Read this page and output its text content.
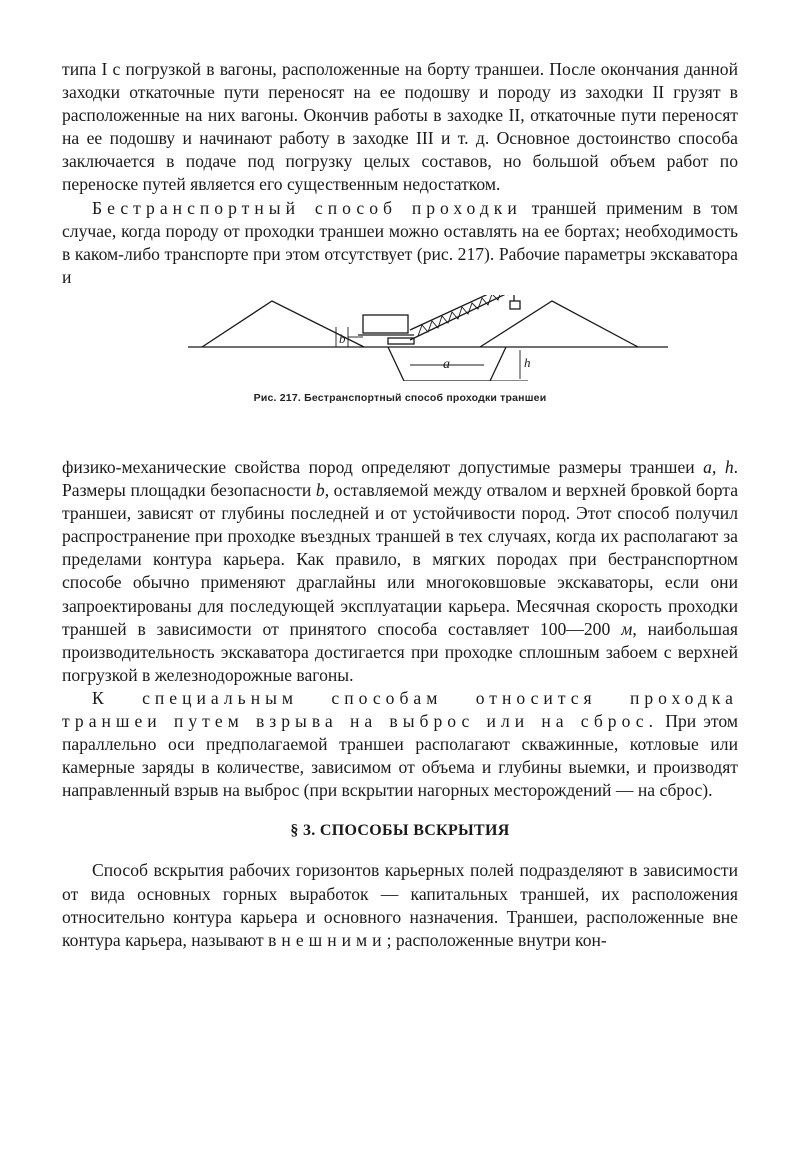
типа I с погрузкой в вагоны, расположенные на борту траншеи. После окончания данной заходки откаточные пути переносят на ее подошву и породу из заходки II грузят в расположенные на них вагоны. Окончив работы в заходке II, откаточные пути переносят на ее подошву и начинают работу в заходке III и т. д. Основное достоинство способа заключается в подаче под погрузку целых составов, но большой объем работ по переноске путей является его существенным недостатком.

Бестранспортный способ проходки траншей применим в том случае, когда породу от проходки траншеи можно оставлять на ее бортах; необходимость в каком-либо транспорте при этом отсутствует (рис. 217). Рабочие параметры экскаватора и

b
a	h
Рис. 217. Бестранспортный способ проходки траншеи

физико-механические свойства пород определяют допустимые размеры траншеи a, h. Размеры площадки безопасности b, оставляемой между отвалом и верхней бровкой борта траншеи, зависят от глубины последней и от устойчивости пород. Этот способ получил распространение при проходке въездных траншей в тех случаях, когда их располагают за пределами контура карьера. Как правило, в мягких породах при бестранспортном способе обычно применяют драглайны или многоковшовые экскаваторы, если они запроектированы для последующей эксплуатации карьера. Месячная скорость проходки траншей в зависимости от принятого способа составляет 100—200 м, наибольшая производительность экскаватора достигается при проходке сплошным забоем с верхней погрузкой в железнодорожные вагоны.

К специальным способам относится проходка траншеи путем взрыва на выброс или на сброс. При этом параллельно оси предполагаемой траншеи располагают скважинные, котловые или камерные заряды в количестве, зависимом от объема и глубины выемки, и производят направленный взрыв на выброс (при вскрытии нагорных месторождений — на сброс).

§ 3. СПОСОБЫ ВСКРЫТИЯ

Способ вскрытия рабочих горизонтов карьерных полей подразделяют в зависимости от вида основных горных выработок — капитальных траншей, их расположения относительно контура карьера и основного назначения. Траншеи, расположенные вне контура карьера, называют внешними; расположенные внутри кон-
